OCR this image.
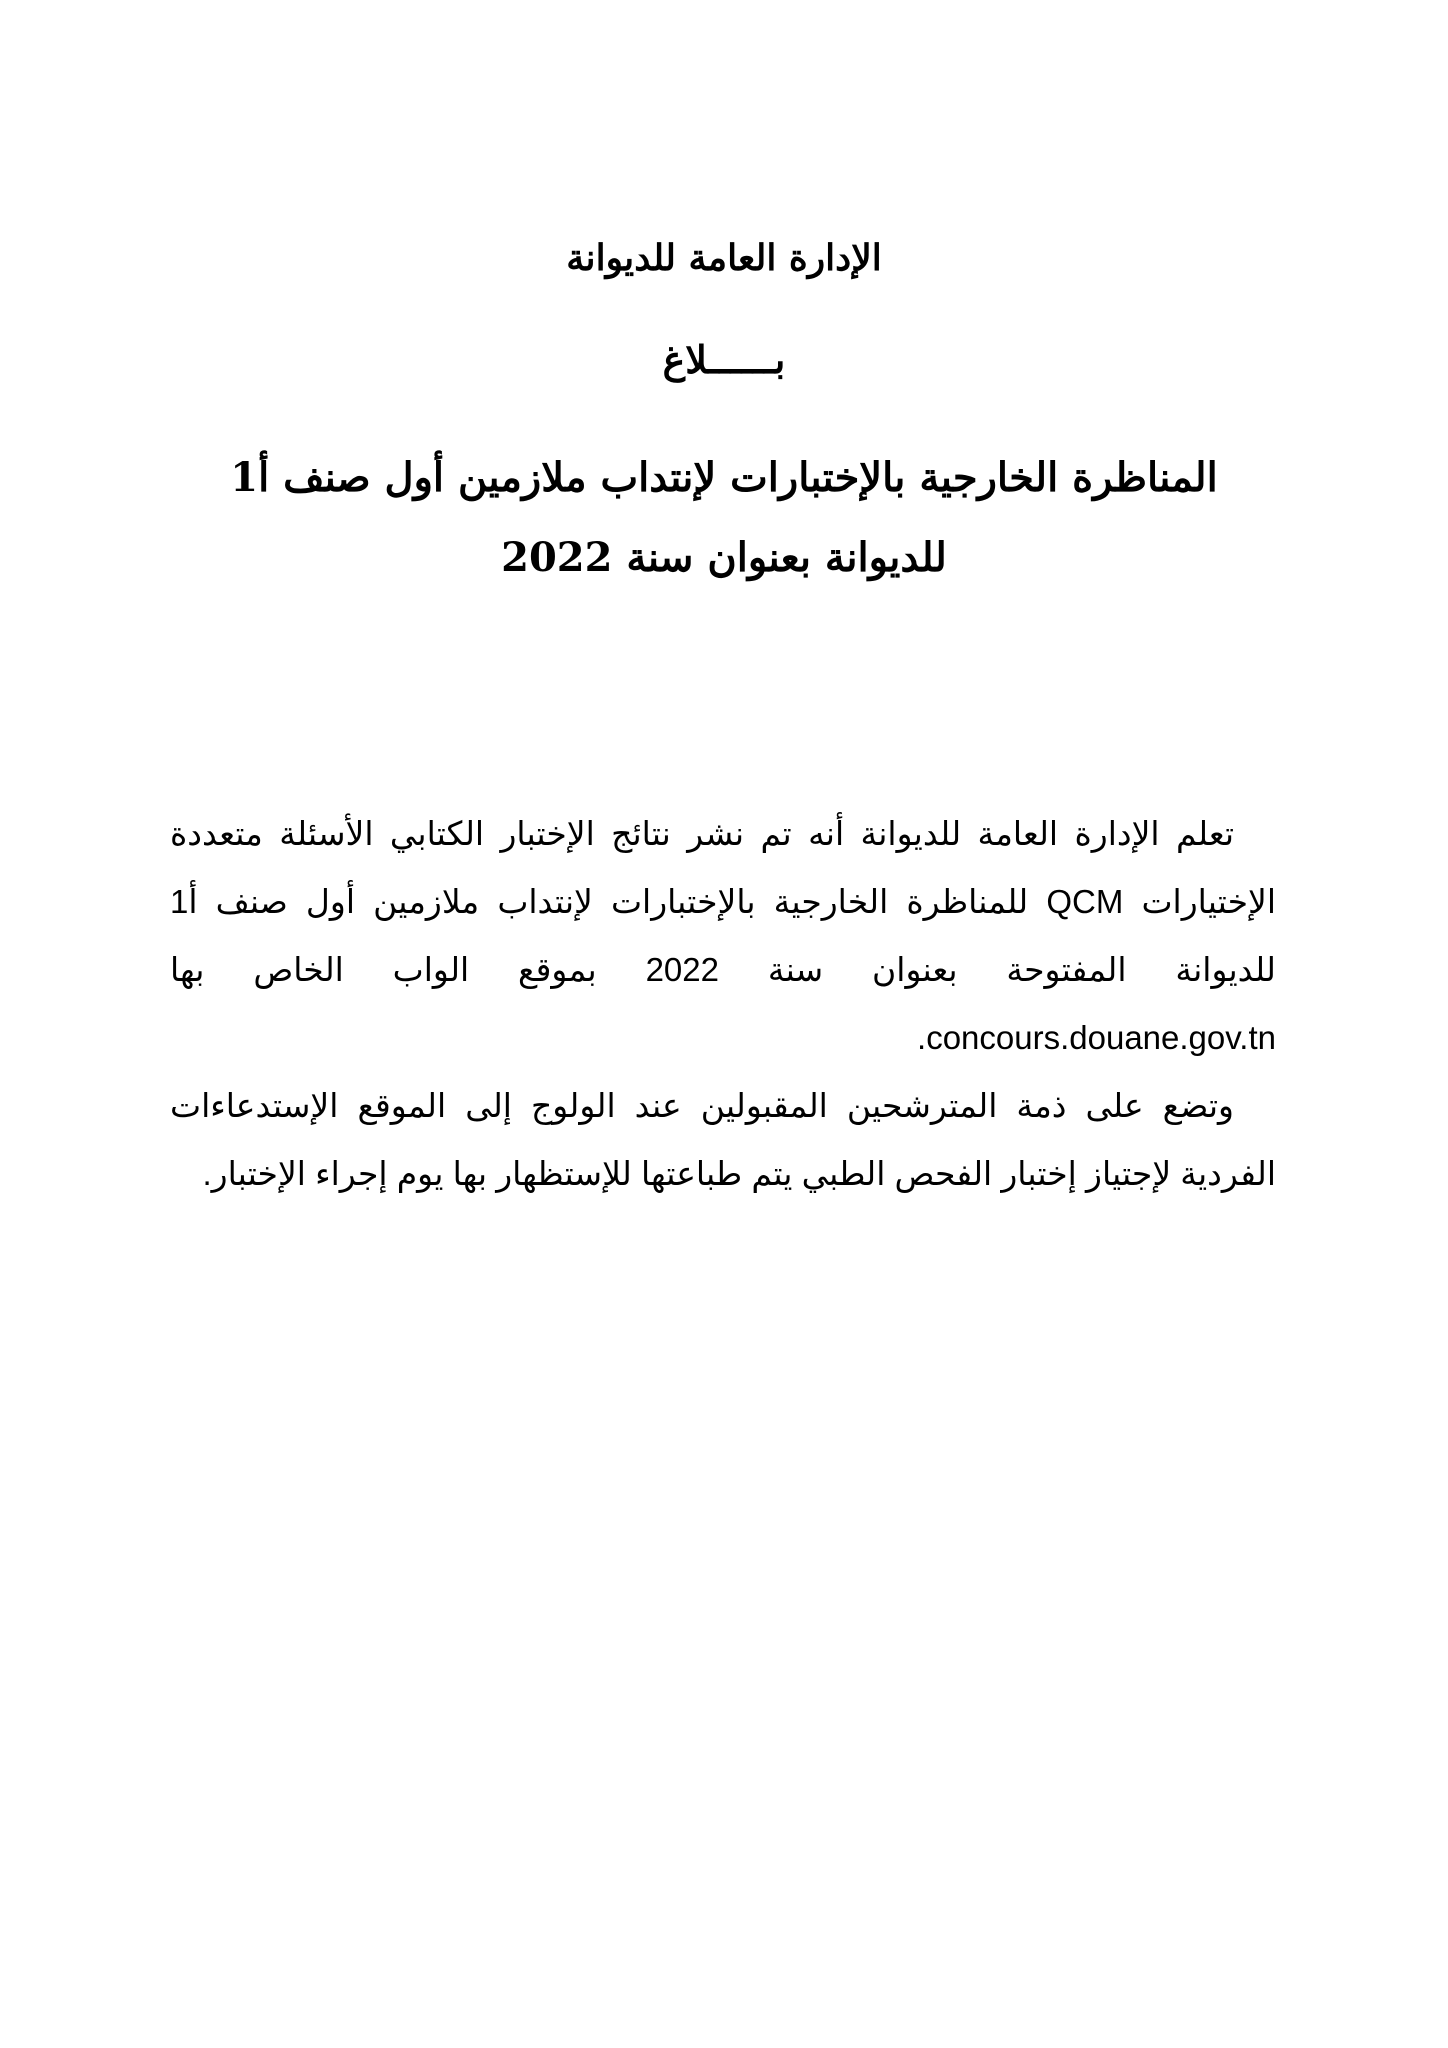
الإدارة العامة للديوانة
بــــــلاغ
المناظرة الخارجية بالإختبارات لإنتداب ملازمين أول صنف أ1
للديوانة بعنوان سنة 2022

تعلم الإدارة العامة للديوانة أنه تم نشر نتائج الإختبار الكتابي الأسئلة متعددة الإختيارات QCM للمناظرة الخارجية بالإختبارات لإنتداب ملازمين أول صنف أ1 للديوانة المفتوحة بعنوان سنة 2022 بموقع الواب الخاص بها concours.douane.gov.tn.

وتضع على ذمة المترشحين المقبولين عند الولوج إلى الموقع الإستدعاءات الفردية لإجتياز إختبار الفحص الطبي يتم طباعتها للإستظهار بها يوم إجراء الإختبار.
